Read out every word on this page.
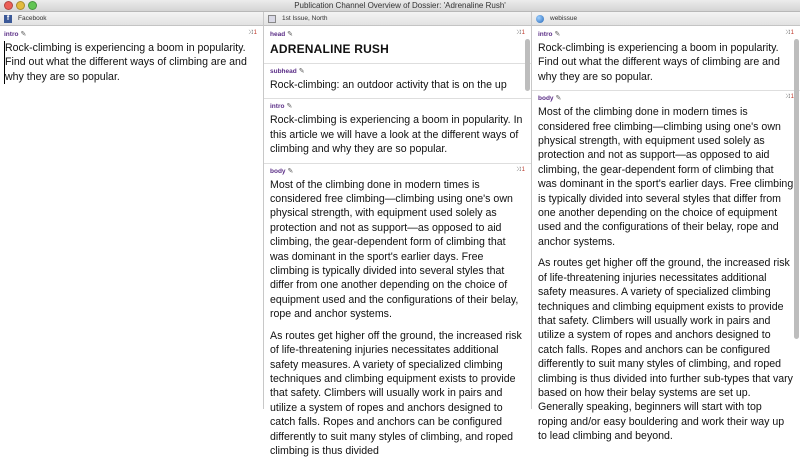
Publication Channel Overview of Dossier: 'Adrenaline Rush'
f	Facebook
intro ✎	⤨1

Rock-climbing is experiencing a boom in popularity. Find out what the different ways of climbing are and why they are so popular.

1st Issue, North
head ✎	⤨1
ADRENALINE RUSH
subhead ✎
Rock-climbing: an outdoor activity that is on the up
intro ✎
Rock-climbing is experiencing a boom in popularity. In this article we will have a look at the different ways of climbing and why they are so popular.
body ✎	⤨1

Most of the climbing done in modern times is considered free climbing—climbing using one's own physical strength, with equipment used solely as protection and not as support—as opposed to aid climbing, the gear-dependent form of climbing that was dominant in the sport's earlier days. Free climbing is typically divided into several styles that differ from one another depending on the choice of equipment used and the configurations of their belay, rope and anchor systems.

As routes get higher off the ground, the increased risk of life-threatening injuries necessitates additional safety measures. A variety of specialized climbing techniques and climbing equipment exists to provide that safety. Climbers will usually work in pairs and utilize a system of ropes and anchors designed to catch falls. Ropes and anchors can be configured differently to suit many styles of climbing, and roped climbing is thus divided

webissue
intro ✎	⤨1
Rock-climbing is experiencing a boom in popularity. Find out what the different ways of climbing are and why they are so popular.
body ✎	⤨1

Most of the climbing done in modern times is considered free climbing—climbing using one's own physical strength, with equipment used solely as protection and not as support—as opposed to aid climbing, the gear-dependent form of climbing that was dominant in the sport's earlier days. Free climbing is typically divided into several styles that differ from one another depending on the choice of equipment used and the configurations of their belay, rope and anchor systems.

As routes get higher off the ground, the increased risk of life-threatening injuries necessitates additional safety measures. A variety of specialized climbing techniques and climbing equipment exists to provide that safety. Climbers will usually work in pairs and utilize a system of ropes and anchors designed to catch falls. Ropes and anchors can be configured differently to suit many styles of climbing, and roped climbing is thus divided into further sub-types that vary based on how their belay systems are set up. Generally speaking, beginners will start with top roping and/or easy bouldering and work their way up to lead climbing and beyond.
